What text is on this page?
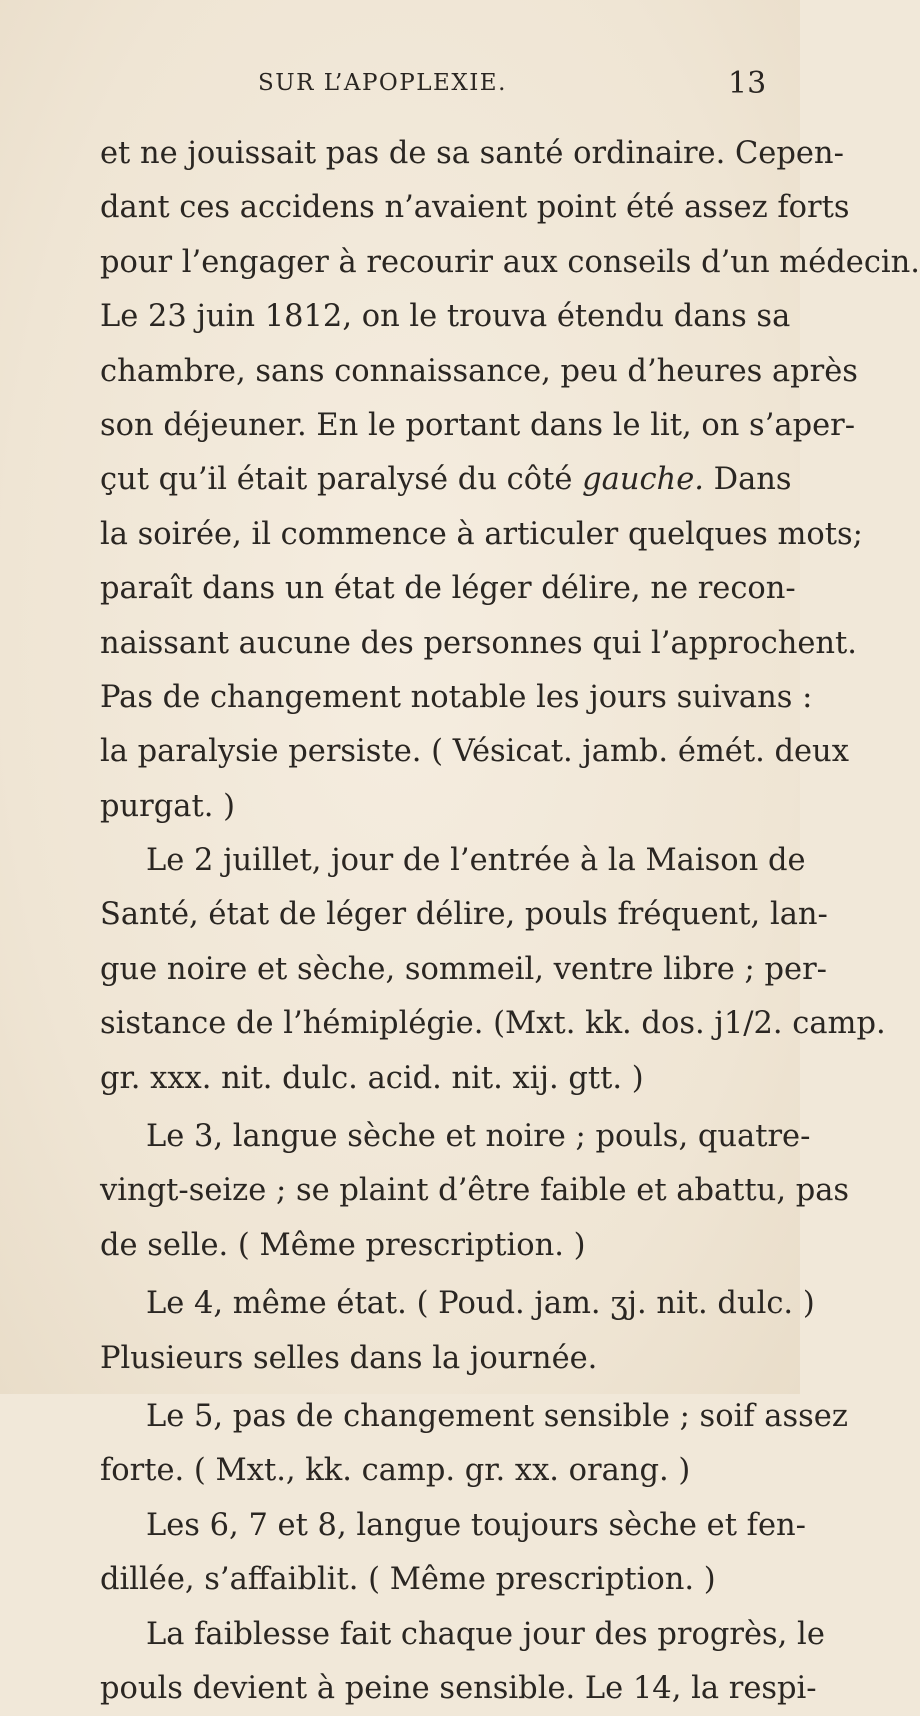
SUR L’APOPLEXIE.	13
et ne jouissait pas de sa santé ordinaire. Cepen-
dant ces accidens n’avaient point été assez forts
pour l’engager à recourir aux conseils d’un médecin.
Le 23 juin 1812, on le trouva étendu dans sa
chambre, sans connaissance, peu d’heures après
son déjeuner. En le portant dans le lit, on s’aper-
çut qu’il était paralysé du côté gauche. Dans
la soirée, il commence à articuler quelques mots;
paraît dans un état de léger délire, ne recon-
naissant aucune des personnes qui l’approchent.
Pas de changement notable les jours suivans :
la paralysie persiste. ( Vésicat. jamb. émét. deux
purgat. )
Le 2 juillet, jour de l’entrée à la Maison de
Santé, état de léger délire, pouls fréquent, lan-
gue noire et sèche, sommeil, ventre libre ; per-
sistance de l’hémiplégie. (Mxt. kk. dos. j1/2. camp.
gr. xxx. nit. dulc. acid. nit. xij. gtt. )
Le 3, langue sèche et noire ; pouls, quatre-
vingt-seize ; se plaint d’être faible et abattu, pas
de selle. ( Même prescription. )
Le 4, même état. ( Poud. jam. ʒj. nit. dulc. )
Plusieurs selles dans la journée.
Le 5, pas de changement sensible ; soif assez
forte. ( Mxt., kk. camp. gr. xx. orang. )
Les 6, 7 et 8, langue toujours sèche et fen-
dillée, s’affaiblit. ( Même prescription. )
La faiblesse fait chaque jour des progrès, le
pouls devient à peine sensible. Le 14, la respi-
